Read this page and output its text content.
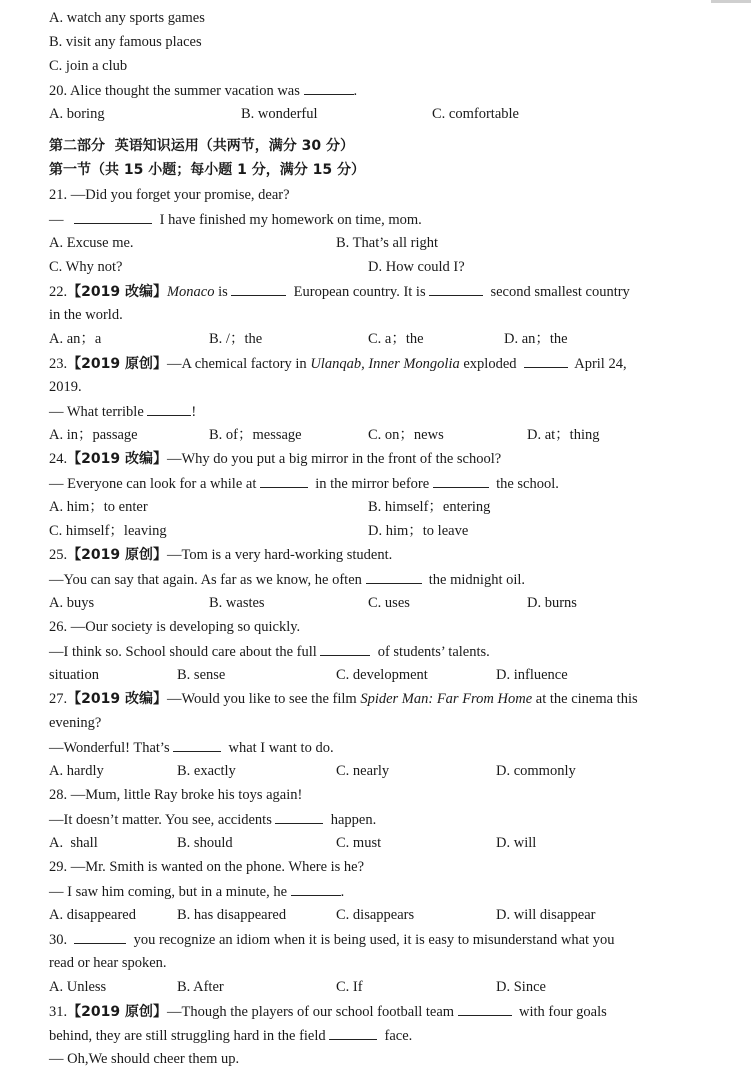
A. watch any sports games
B. visit any famous places
C. join a club
20. Alice thought the summer vacation was	.
A. boring	B. wonderful	C. comfortable
第二部分  英语知识运用（共两节，满分 30 分）
第一节（共 15 小题；每小题 1 分，满分 15 分）
21. —Did you forget your promise, dear?
—	I have finished my homework on time, mom.
A. Excuse me.	B. That’s all right
C. Why not?	D. How could I?
22.【2019 改编】Monaco is	European country. It is	second smallest country
in the world.
A. an；a	B. /；the	C. a；the	D. an；the
23.【2019 原创】—A chemical factory in Ulanqab, Inner Mongolia exploded	April 24,
2019.
— What terrible	!
A. in；passage	B. of；message	C. on；news	D. at；thing
24.【2019 改编】—Why do you put a big mirror in the front of the school?
— Everyone can look for a while at	in the mirror before	the school.
A. him；to enter	B. himself；entering
C. himself；leaving	D. him；to leave
25.【2019 原创】—Tom is a very hard-working student.
—You can say that again. As far as we know, he often	the midnight oil.
A. buys	B. wastes	C. uses	D. burns
26. —Our society is developing so quickly.
—I think so. School should care about the full	of students’ talents.
situation	B. sense	C. development	D. influence
27.【2019 改编】—Would you like to see the film Spider Man: Far From Home at the cinema this
evening?
—Wonderful! That’s	what I want to do.
A. hardly	B. exactly	C. nearly	D. commonly
28. —Mum, little Ray broke his toys again!
—It doesn’t matter. You see, accidents	happen.
A.  shall	B. should	C. must	D. will
29. —Mr. Smith is wanted on the phone. Where is he?
— I saw him coming, but in a minute, he	.
A. disappeared	B. has disappeared	C. disappears	D. will disappear
30.	you recognize an idiom when it is being used, it is easy to misunderstand what you
read or hear spoken.
A. Unless	B. After	C. If	D. Since
31.【2019 原创】—Though the players of our school football team	with four goals
behind, they are still struggling hard in the field	face.
— Oh,We should cheer them up.
